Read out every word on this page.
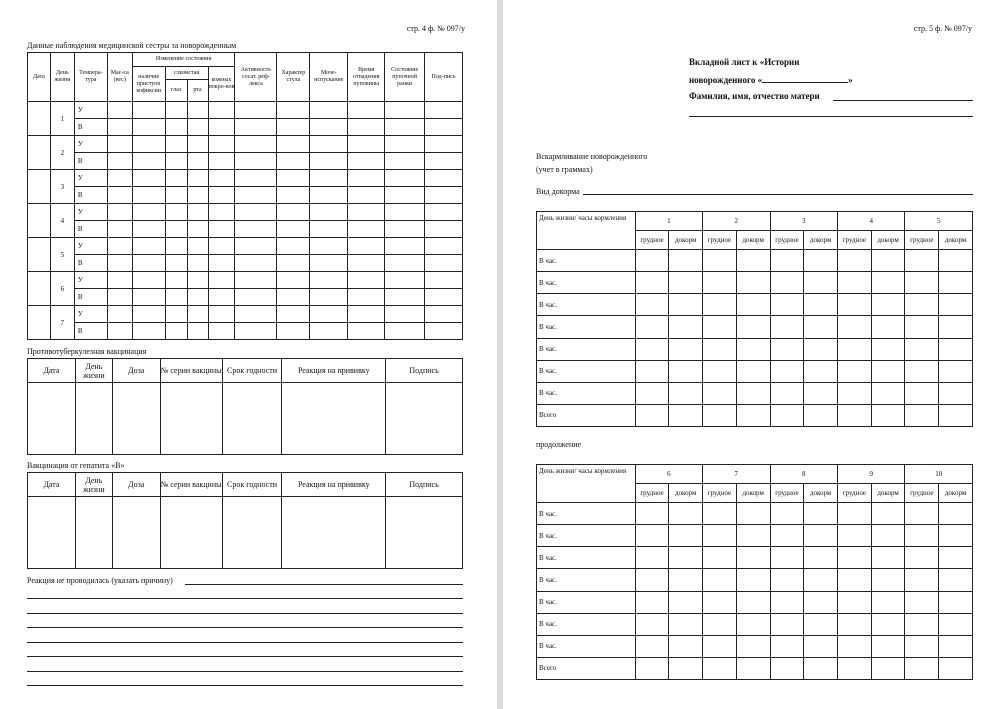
стр. 4 ф. № 097/у
Данные наблюдения медицинской сестры за новорожденным
Дата	День жизни	Темпера-тура		Мас-са (вес)	Изменение состояния				Активность сосат. реф-лекса	Характер стула	Моче-испускание	Время отпадения пуповины	Состояние пупочной ранки	Под-пись
					наличие пристуоп кофиксии	слизистая		кожных покро-вов						
						глаз	рта							
	1	У												
		В												
	2	У												
		В												
	3	У												
		В												
	4	У												
		В												
	5	У												
		В												
	6	У												
		В												
	7	У												
		В												
Противотуберкулезная вакцинация
Дата	День жизни	Доза	№ серии вакцины	Срок годности	Реакция на прививку	Подпись

Вакцинация от гепатита «В»
Дата	День жизни	Доза	№ серии вакцины	Срок годности	Реакция на прививку	Подпись

Реакция не проводилась (указать причину)
стр. 5 ф. № 097/у
Вкладной лист к «Истории
новорожденного «	»
Фамилия, имя, отчество матери
Вскармливание новорожденного
(учет в граммах)
Вид докорма
День жизни/ часы кормления	1		2		3		4		5	
	грудное	докорм	грудное	докорм	грудное	докорм	грудное	докорм	грудное	докорм
В час.										
В час.										
В час.										
В час.										
В час.										
В час.										
В час.										
Всего										
продолжение
День жизни/ часы кормления	6		7		8		9		10	
	грудное	докорм	грудное	докорм	грудное	докорм	грудное	докорм	грудное	докорм
В час.										
В час.										
В час.										
В час.										
В час.										
В час.										
В час.										
Всего										
